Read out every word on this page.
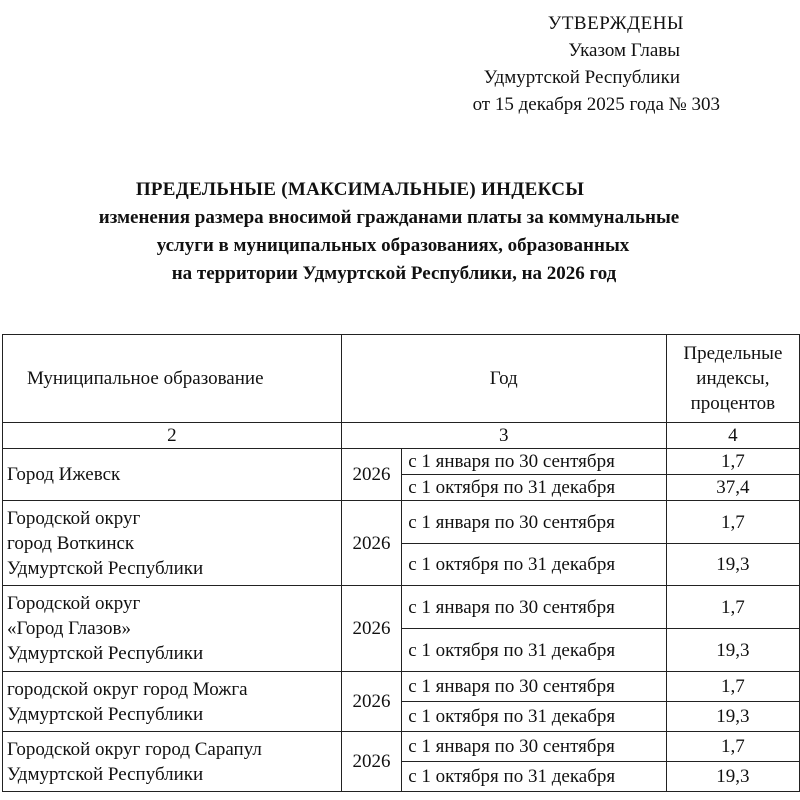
УТВЕРЖДЕНЫ
Указом Главы
Удмуртской Республики
от 15 декабря 2025 года № 303
ПРЕДЕЛЬНЫЕ (МАКСИМАЛЬНЫЕ) ИНДЕКСЫ
изменения размера вносимой гражданами платы за коммунальные
услуги в муниципальных образованиях, образованных
на территории Удмуртской Республики, на 2026 год
Муниципальное образование	Год		Предельные
индексы,
процентов

2	3		4

Город Ижевск	2026	с 1 января по 30 сентября	1,7
		с 1 октября по 31 декабря	37,4

Городской округ
город Воткинск
Удмуртской Республики	2026	с 1 января по 30 сентября	1,7
		с 1 октября по 31 декабря	19,3

Городской округ
«Город Глазов»
Удмуртской Республики	2026	с 1 января по 30 сентября	1,7
		с 1 октября по 31 декабря	19,3

городской округ город Можга
Удмуртской Республики	2026	с 1 января по 30 сентября	1,7
		с 1 октября по 31 декабря	19,3

Городской округ город Сарапул
Удмуртской Республики	2026	с 1 января по 30 сентября	1,7
		с 1 октября по 31 декабря	19,3
